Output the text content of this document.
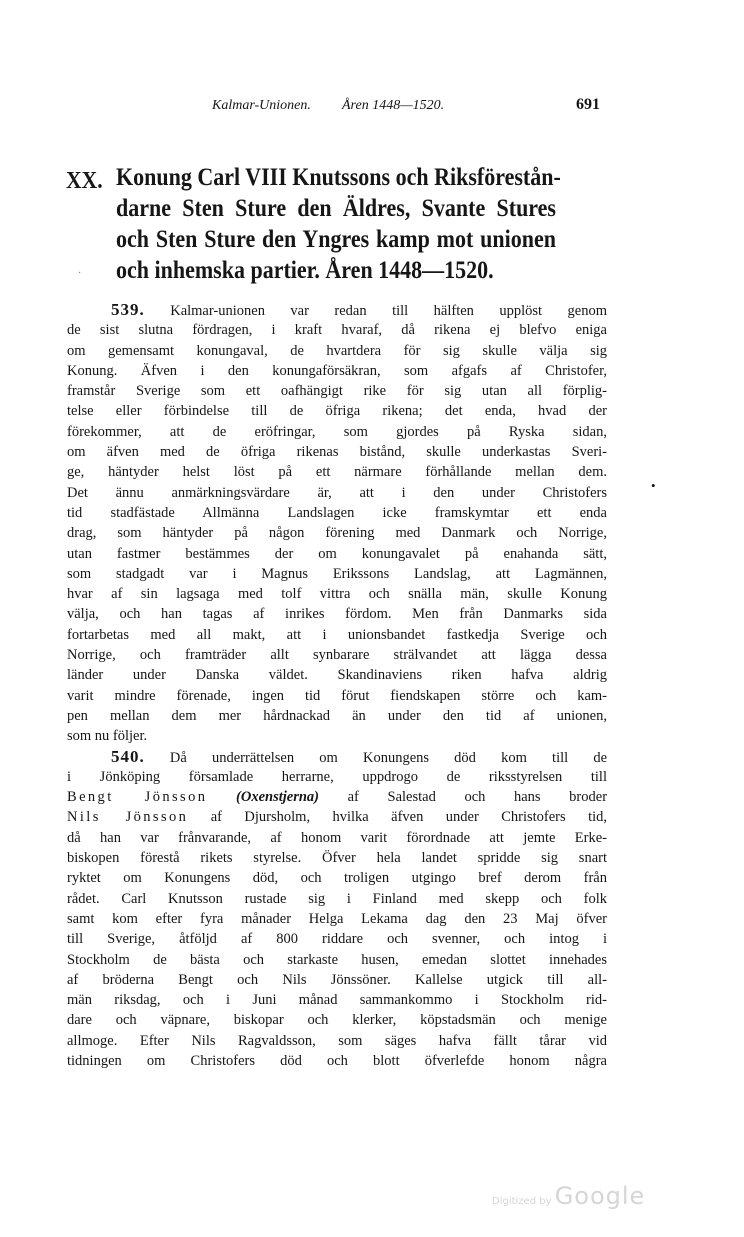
Kalmar-Unionen. Åren 1448—1520.	691
XX. Konung Carl VIII Knutssons och Riksförestån-
darne Sten Sture den Äldres, Svante Stures
och Sten Sture den Yngres kamp mot unionen
och inhemska partier. Åren 1448—1520.
·
539. Kalmar-unionen var redan till hälften upplöst genom
de sist slutna fördragen, i kraft hvaraf, då rikena ej blefvo eniga
om gemensamt konungaval, de hvartdera för sig skulle välja sig
Konung. Äfven i den konungaförsäkran, som afgafs af Christofer,
framstår Sverige som ett oafhängigt rike för sig utan all förplig-
telse eller förbindelse till de öfriga rikena; det enda, hvad der
förekommer, att de eröfringar, som gjordes på Ryska sidan,
om äfven med de öfriga rikenas bistånd, skulle underkastas Sveri-
ge, häntyder helst löst på ett närmare förhållande mellan dem.
Det ännu anmärkningsvärdare är, att i den under Christofers
tid stadfästade Allmänna Landslagen icke framskymtar ett enda
drag, som häntyder på någon förening med Danmark och Norrige,
utan fastmer bestämmes der om konungavalet på enahanda sätt,
som stadgadt var i Magnus Erikssons Landslag, att Lagmännen,
hvar af sin lagsaga med tolf vittra och snälla män, skulle Konung
välja, och han tagas af inrikes fördom. Men från Danmarks sida
fortarbetas med all makt, att i unionsbandet fastkedja Sverige och
Norrige, och framträder allt synbarare strälvandet att lägga dessa
länder under Danska väldet. Skandinaviens riken hafva aldrig
varit mindre förenade, ingen tid förut fiendskapen större och kam-
pen mellan dem mer hårdnackad än under den tid af unionen,
som nu följer.
540. Då underrättelsen om Konungens död kom till de
i Jönköping församlade herrarne, uppdrogo de riksstyrelsen till
Bengt Jönsson (Oxenstjerna) af Salestad och hans broder
Nils Jönsson af Djursholm, hvilka äfven under Christofers tid,
då han var frånvarande, af honom varit förordnade att jemte Erke-
biskopen förestå rikets styrelse. Öfver hela landet spridde sig snart
ryktet om Konungens död, och troligen utgingo bref derom från
rådet. Carl Knutsson rustade sig i Finland med skepp och folk
samt kom efter fyra månader Helga Lekama dag den 23 Maj öfver
till Sverige, åtföljd af 800 riddare och svenner, och intog i
Stockholm de bästa och starkaste husen, emedan slottet innehades
af bröderna Bengt och Nils Jönssöner. Kallelse utgick till all-
män riksdag, och i Juni månad sammankommo i Stockholm rid-
dare och väpnare, biskopar och klerker, köpstadsmän och menige
allmoge. Efter Nils Ragvaldsson, som säges hafva fällt tårar vid
tidningen om Christofers död och blott öfverlefde honom några
•
Digitized by Google
